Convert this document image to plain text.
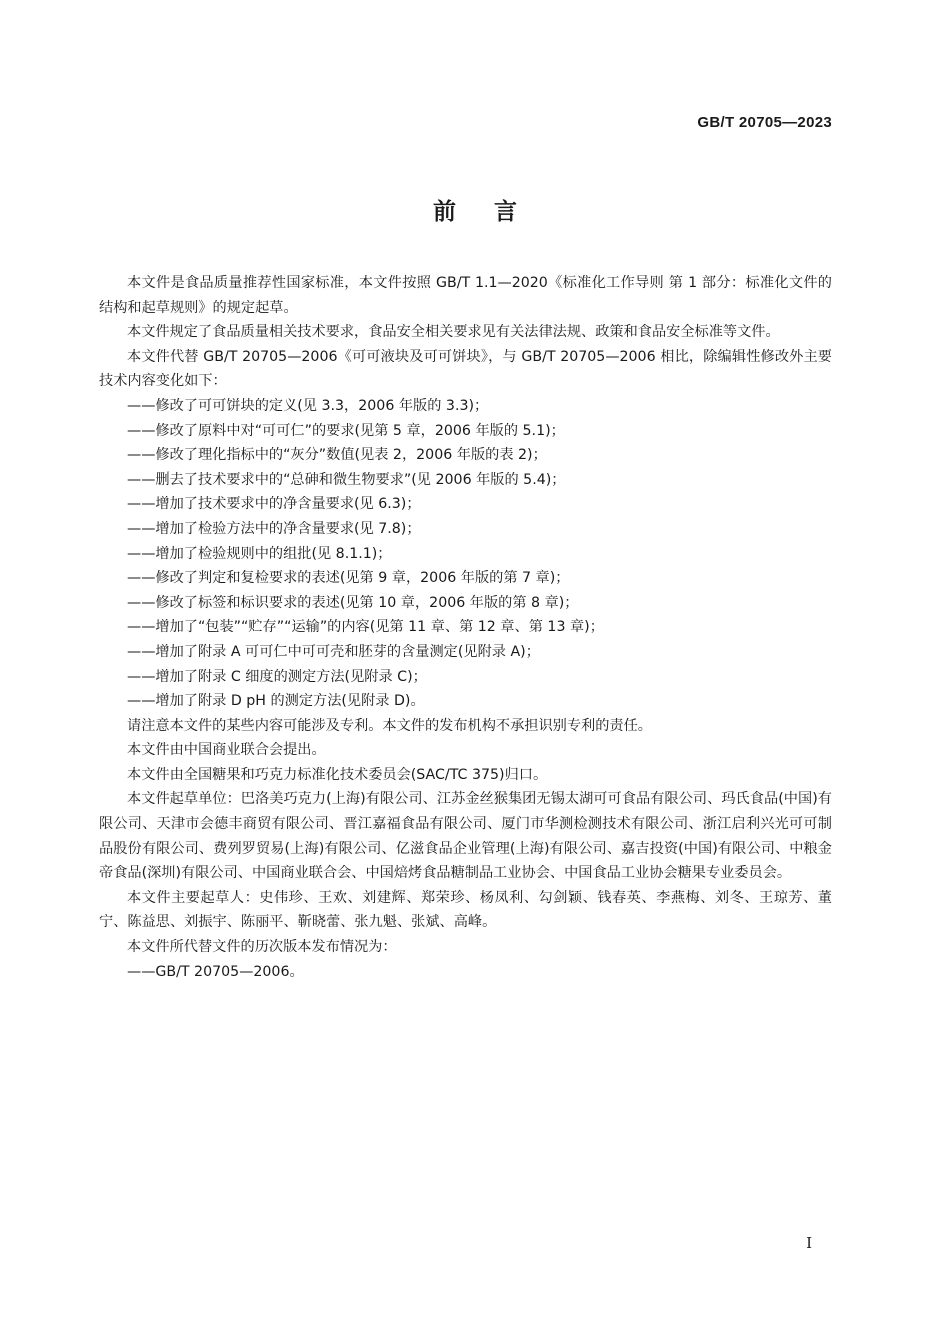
GB/T 20705—2023
前言

本文件是食品质量推荐性国家标准，本文件按照 GB/T 1.1—2020《标准化工作导则 第 1 部分：标准化文件的结构和起草规则》的规定起草。

本文件规定了食品质量相关技术要求，食品安全相关要求见有关法律法规、政策和食品安全标准等文件。

本文件代替 GB/T 20705—2006《可可液块及可可饼块》，与 GB/T 20705—2006 相比，除编辑性修改外主要技术内容变化如下：

——修改了可可饼块的定义(见 3.3，2006 年版的 3.3)；

——修改了原料中对“可可仁”的要求(见第 5 章，2006 年版的 5.1)；

——修改了理化指标中的“灰分”数值(见表 2，2006 年版的表 2)；

——删去了技术要求中的“总砷和微生物要求”(见 2006 年版的 5.4)；

——增加了技术要求中的净含量要求(见 6.3)；

——增加了检验方法中的净含量要求(见 7.8)；

——增加了检验规则中的组批(见 8.1.1)；

——修改了判定和复检要求的表述(见第 9 章，2006 年版的第 7 章)；

——修改了标签和标识要求的表述(见第 10 章，2006 年版的第 8 章)；

——增加了“包装”“贮存”“运输”的内容(见第 11 章、第 12 章、第 13 章)；

——增加了附录 A 可可仁中可可壳和胚芽的含量测定(见附录 A)；

——增加了附录 C 细度的测定方法(见附录 C)；

——增加了附录 D pH 的测定方法(见附录 D)。

请注意本文件的某些内容可能涉及专利。本文件的发布机构不承担识别专利的责任。

本文件由中国商业联合会提出。

本文件由全国糖果和巧克力标准化技术委员会(SAC/TC 375)归口。

本文件起草单位：巴洛美巧克力(上海)有限公司、江苏金丝猴集团无锡太湖可可食品有限公司、玛氏食品(中国)有限公司、天津市会德丰商贸有限公司、晋江嘉福食品有限公司、厦门市华测检测技术有限公司、浙江启利兴光可可制品股份有限公司、费列罗贸易(上海)有限公司、亿滋食品企业管理(上海)有限公司、嘉吉投资(中国)有限公司、中粮金帝食品(深圳)有限公司、中国商业联合会、中国焙烤食品糖制品工业协会、中国食品工业协会糖果专业委员会。

本文件主要起草人：史伟珍、王欢、刘建辉、郑荣珍、杨凤利、勾剑颖、钱春英、李燕梅、刘冬、王琼芳、董宁、陈益思、刘振宇、陈丽平、靳晓蕾、张九魁、张斌、高峰。

本文件所代替文件的历次版本发布情况为：

——GB/T 20705—2006。

I
